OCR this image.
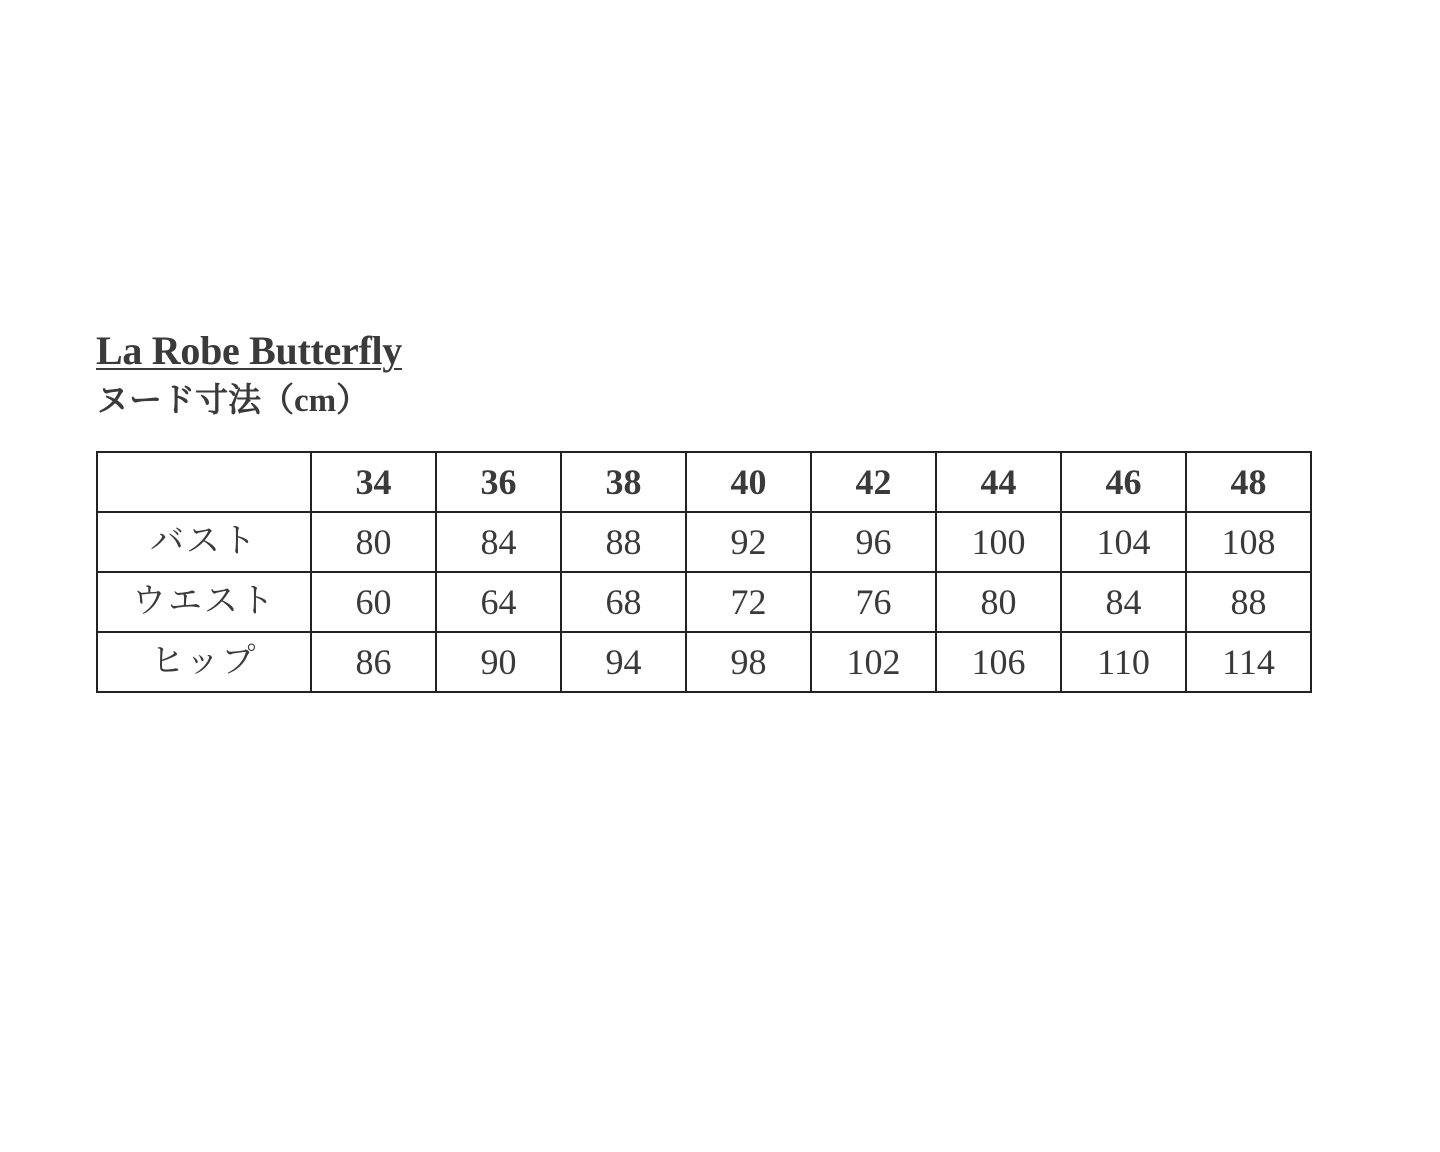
La Robe Butterfly
ヌード寸法（cm）
	34	36	38	40	42	44	46	48
バスト	80	84	88	92	96	100	104	108
ウエスト	60	64	68	72	76	80	84	88
ヒップ	86	90	94	98	102	106	110	114
